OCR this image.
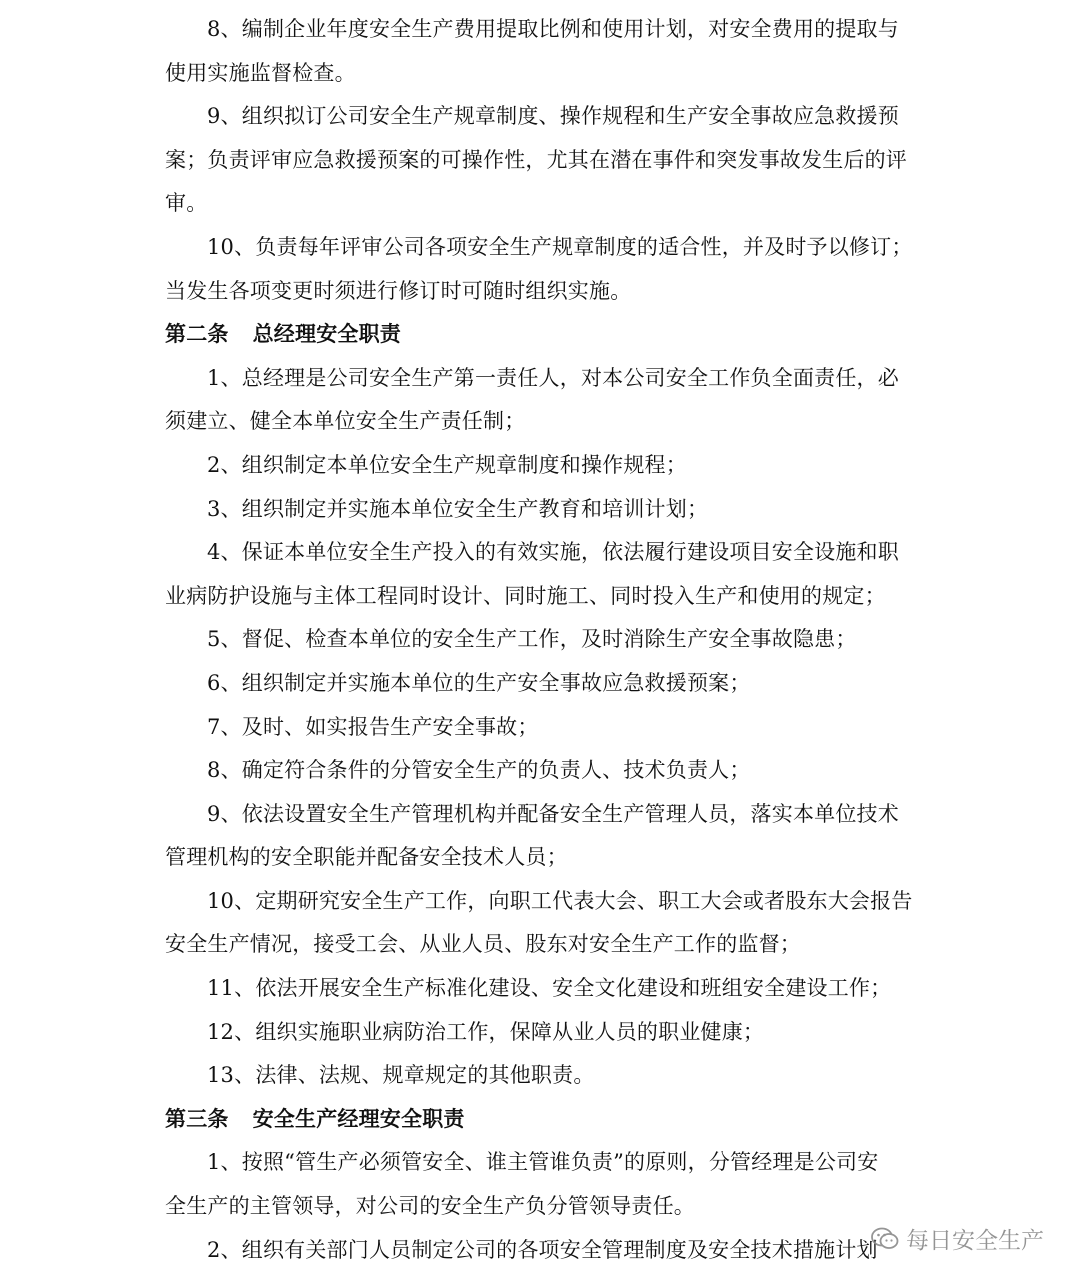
8、编制企业年度安全生产费用提取比例和使用计划，对安全费用的提取与
使用实施监督检查。
9、组织拟订公司安全生产规章制度、操作规程和生产安全事故应急救援预
案；负责评审应急救援预案的可操作性，尤其在潜在事件和突发事故发生后的评
审。
10、负责每年评审公司各项安全生产规章制度的适合性，并及时予以修订；
当发生各项变更时须进行修订时可随时组织实施。
第二条 总经理安全职责
1、总经理是公司安全生产第一责任人，对本公司安全工作负全面责任，必
须建立、健全本单位安全生产责任制；
2、组织制定本单位安全生产规章制度和操作规程；
3、组织制定并实施本单位安全生产教育和培训计划；
4、保证本单位安全生产投入的有效实施，依法履行建设项目安全设施和职
业病防护设施与主体工程同时设计、同时施工、同时投入生产和使用的规定；
5、督促、检查本单位的安全生产工作，及时消除生产安全事故隐患；
6、组织制定并实施本单位的生产安全事故应急救援预案；
7、及时、如实报告生产安全事故；
8、确定符合条件的分管安全生产的负责人、技术负责人；
9、依法设置安全生产管理机构并配备安全生产管理人员，落实本单位技术
管理机构的安全职能并配备安全技术人员；
10、定期研究安全生产工作，向职工代表大会、职工大会或者股东大会报告
安全生产情况，接受工会、从业人员、股东对安全生产工作的监督；
11、依法开展安全生产标准化建设、安全文化建设和班组安全建设工作；
12、组织实施职业病防治工作，保障从业人员的职业健康；
13、法律、法规、规章规定的其他职责。
第三条 安全生产经理安全职责
1、按照“管生产必须管安全、谁主管谁负责”的原则，分管经理是公司安
全生产的主管领导，对公司的安全生产负分管领导责任。
2、组织有关部门人员制定公司的各项安全管理制度及安全技术措施计划	每日安全生产
